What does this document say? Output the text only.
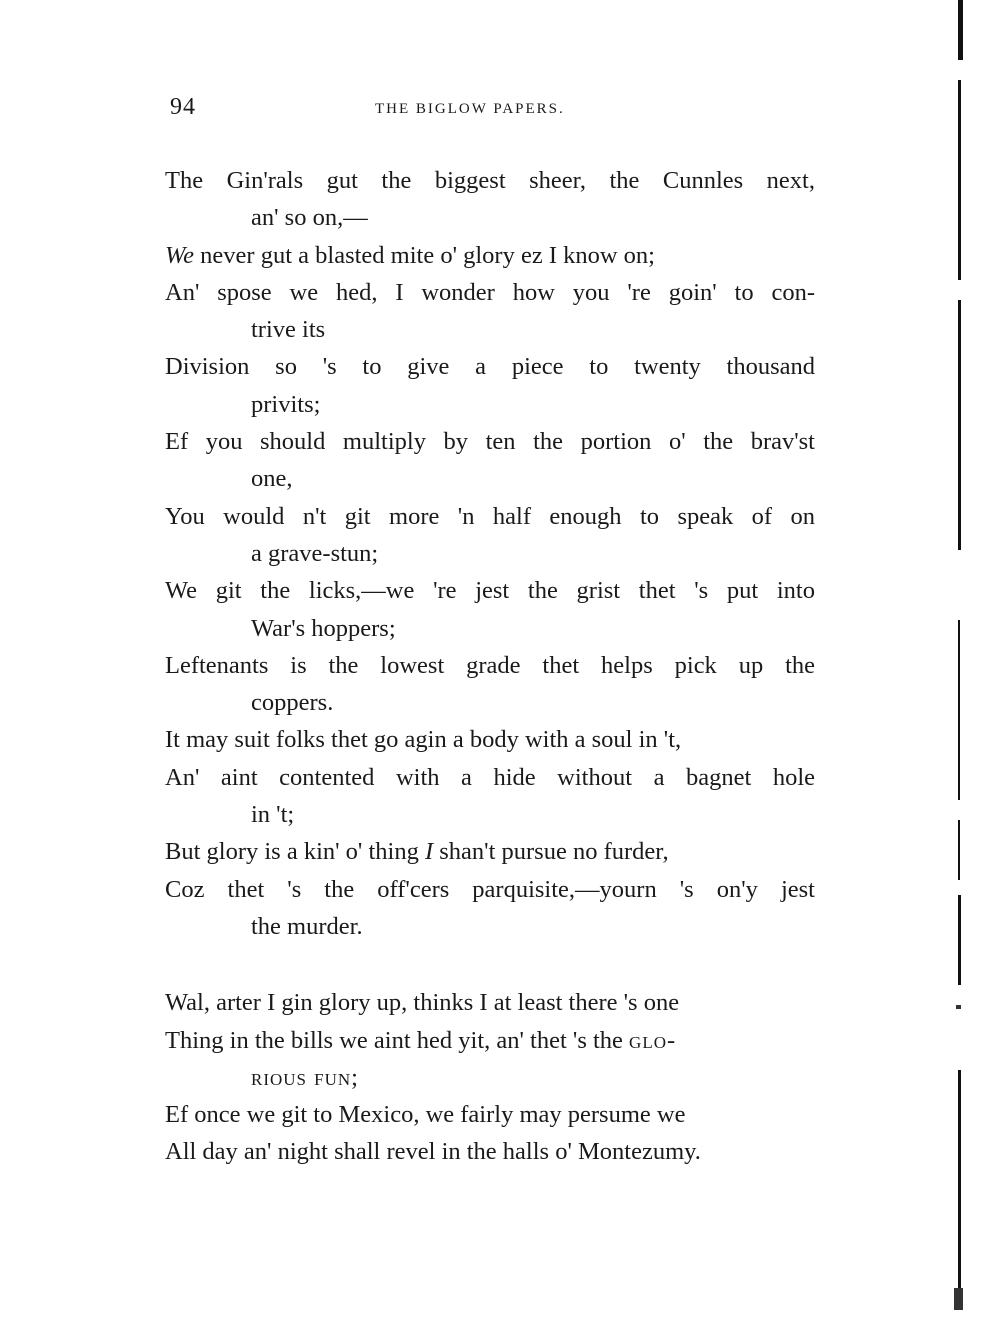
94	THE BIGLOW PAPERS.
The Gin'rals gut the biggest sheer, the Cunnles next,
an' so on,—
We never gut a blasted mite o' glory ez I know on;
An' spose we hed, I wonder how you 're goin' to con-
trive its
Division so 's to give a piece to twenty thousand
privits;
Ef you should multiply by ten the portion o' the brav'st
one,
You would n't git more 'n half enough to speak of on
a grave-stun;
We git the licks,—we 're jest the grist thet 's put into
War's hoppers;
Leftenants is the lowest grade thet helps pick up the
coppers.
It may suit folks thet go agin a body with a soul in 't,
An' aint contented with a hide without a bagnet hole
in 't;
But glory is a kin' o' thing I shan't pursue no furder,
Coz thet 's the off'cers parquisite,—yourn 's on'y jest
the murder.
Wal, arter I gin glory up, thinks I at least there 's one
Thing in the bills we aint hed yit, an' thet 's the glo-
rious fun;
Ef once we git to Mexico, we fairly may persume we
All day an' night shall revel in the halls o' Montezumy.
